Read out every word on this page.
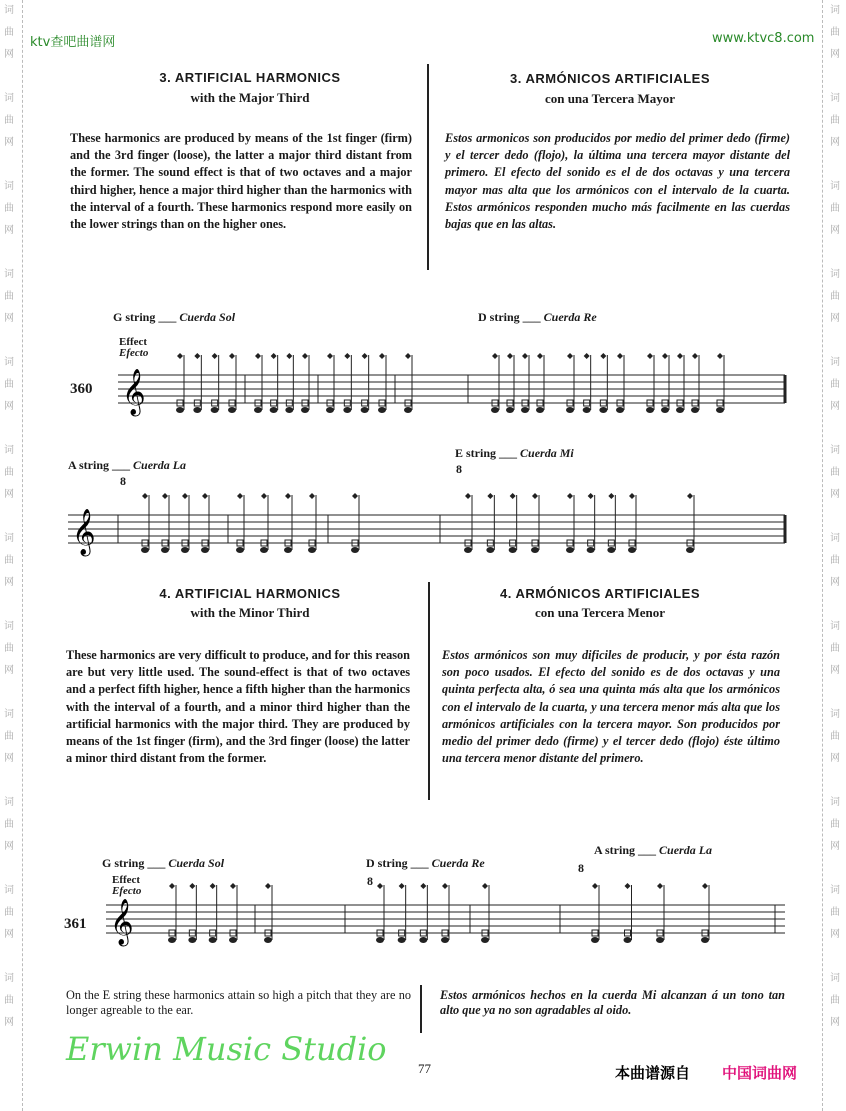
词
曲
网

词
曲
网

词
曲
网

词
曲
网

词
曲
网

词
曲
网

词
曲
网

词
曲
网

词
曲
网

词
曲
网

词
曲
网

词
曲
网

词
曲
网

词
曲
网

词
曲
网

词
曲
网

词
曲
网

词
曲
网

词
曲
网

词
曲
网

词
曲
网

词
曲
网

词
曲
网

词
曲
网

ktv查吧曲谱网	www.ktvc8.com
3. ARTIFICIAL HARMONICS
with the Major Third
3. ARMÓNICOS ARTIFICIALES
con una Tercera Mayor
These harmonics are produced by means of the 1st finger (firm) and the 3rd finger (loose), the latter a major third distant from the former. The sound effect is that of two octaves and a major third higher, hence a major third higher than the harmonics with the interval of a fourth. These harmonics respond more easily on the lower strings than on the higher ones.
Estos armonicos son producidos por medio del primer dedo (firme) y el tercer dedo (flojo), la última una tercera mayor distante del primero. El efecto del sonido es el de dos octavas y una tercera mayor mas alta que los armónicos con el intervalo de la cuarta. Estos armónicos responden mucho más facilmente en las cuerdas bajas que en las altas.
G string ___ Cuerda Sol	D string ___ Cuerda Re
A string ___ Cuerda La
E string ___ Cuerda Mi
Effect
Efecto
360
8
8
4. ARTIFICIAL HARMONICS
with the Minor Third
4. ARMÓNICOS ARTIFICIALES
con una Tercera Menor
These harmonics are very difficult to produce, and for this reason are but very little used. The sound-effect is that of two octaves and a perfect fifth higher, hence a fifth higher than the harmonics with the interval of a fourth, and a minor third higher than the artificial harmonics with the major third. They are produced by means of the 1st finger (firm), and the 3rd finger (loose) the latter a minor third distant from the former.
Estos armónicos son muy dificiles de producir, y por ésta razón son poco usados. El efecto del sonido es de dos octavas y una quinta perfecta alta, ó sea una quinta más alta que los armónicos con el intervalo de la cuarta, y una tercera menor más alta que los armónicos artificiales con la tercera mayor. Son producidos por medio del primer dedo (firme) y el tercer dedo (flojo) éste último una tercera menor distante del primero.
G string ___ Cuerda Sol	D string ___ Cuerda Re
A string ___ Cuerda La
Effect
Efecto
361
8
8
𝄞
𝄞
𝄞
On the E string these harmonics attain so high a pitch that they are no longer agreable to the ear.
Estos armónicos hechos en la cuerda Mi alcanzan á un tono tan alto que ya no son agradables al oido.
Erwin Music Studio
77	本曲谱源自 中国词曲网
